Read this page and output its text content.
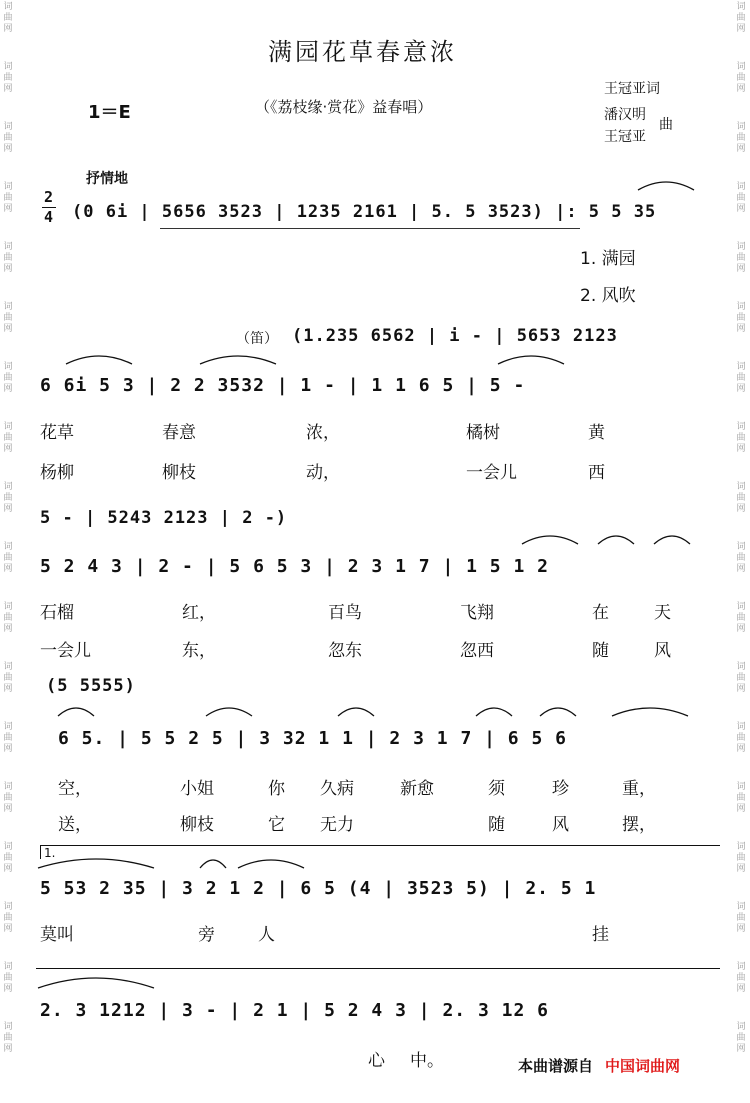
词曲网
词曲网
词曲网
词曲网
词曲网
词曲网
词曲网
词曲网
词曲网
词曲网
词曲网
词曲网
词曲网
词曲网
词曲网
词曲网
词曲网
词曲网
词曲网
词曲网
词曲网
词曲网
词曲网
词曲网
词曲网
词曲网
词曲网
词曲网
词曲网
词曲网
词曲网
词曲网
词曲网
词曲网
词曲网
词曲网
满园花草春意浓
1＝E	（《荔枝缘·赏花》益春唱）
王冠亚词
潘汉明
王冠亚
曲
抒情地
2
4 (0 6i | 5656 3523 | 1235 2161 | 5. 5 3523) |: 5 5 35
1. 满园
2. 风吹
（笛） (1.235 6562 | i - | 5653 2123
6 6i 5 3 | 2 2 3532 | 1 - | 1 1 6 5 | 5 -
花草	春意	浓，	橘树	黄
杨柳	柳枝	动，	一会儿	西
5 - | 5243 2123 | 2 -)
5 2 4 3 | 2 - | 5 6 5 3 | 2 3 1 7 | 1 5 1 2
石榴	红，	百鸟	飞翔	在	天
一会儿	东，	忽东	忽西	随	风
(5 5555)
6 5. | 5 5 2 5 | 3 32 1 1 | 2 3 1 7 | 6 5 6
空，	小姐	你 久病	新愈	须	珍	重，
送，	柳枝	它 无力	随	风	摆，
1.
5 53 2 35 | 3 2 1 2 | 6 5 (4 | 3523 5) | 2. 5 1
莫叫	旁	人	挂
2. 3 1212 | 3 - | 2 1 | 5 2 4 3 | 2. 3 12 6
心 中。	本曲谱源自 中国词曲网
